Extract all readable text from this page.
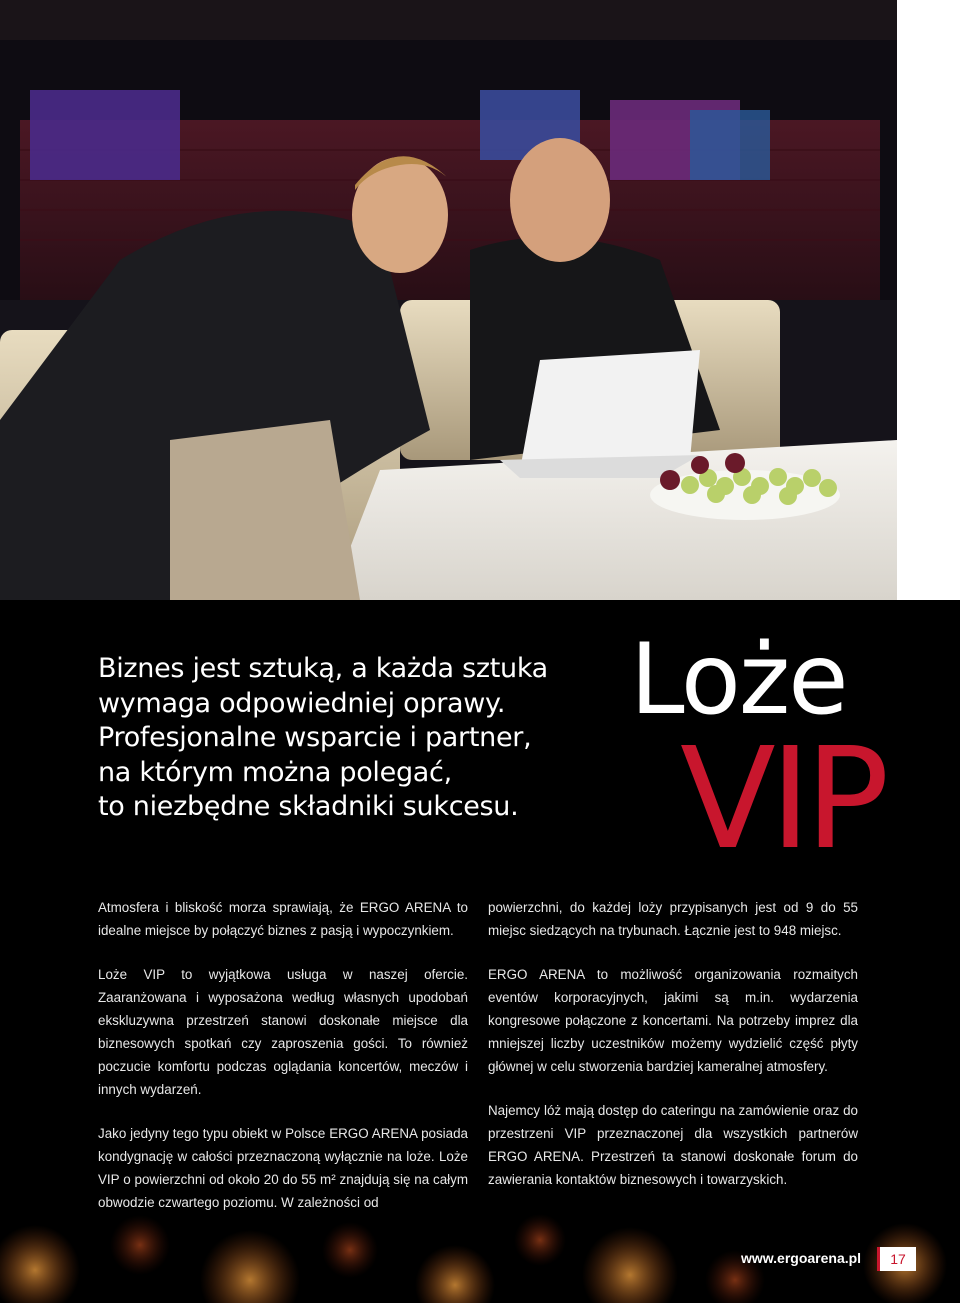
Biznes jest sztuką, a każda sztuka
wymaga odpowiedniej oprawy.
Profesjonalne wsparcie i partner,
na którym można polegać,
to niezbędne składniki sukcesu.
Loże
VIP

Atmosfera i bliskość morza sprawiają, że ERGO ARENA to idealne miejsce by połączyć biznes z pasją i wypoczynkiem.

Loże VIP to wyjątkowa usługa w naszej ofercie. Zaaranżowana i wyposażona według własnych upodobań ekskluzywna przestrzeń stanowi doskonałe miejsce dla biznesowych spotkań czy zaproszenia gości. To również poczucie komfortu podczas oglądania koncertów, meczów i innych wydarzeń.

Jako jedyny tego typu obiekt w Polsce ERGO ARENA posiada kondygnację w całości przeznaczoną wyłącznie na loże. Loże VIP o powierzchni od około 20 do 55 m² znajdują się na całym obwodzie czwartego poziomu. W zależności od

powierzchni, do każdej loży przypisanych jest od 9 do 55 miejsc siedzących na trybunach. Łącznie jest to 948 miejsc.

ERGO ARENA to możliwość organizowania rozmaitych eventów korporacyjnych, jakimi są m.in. wydarzenia kongresowe połączone z koncertami. Na potrzeby imprez dla mniejszej liczby uczestników możemy wydzielić część płyty głównej w celu stworzenia bardziej kameralnej atmosfery.

Najemcy lóż mają dostęp do cateringu na zamówienie oraz do przestrzeni VIP przeznaczonej dla wszystkich partnerów ERGO ARENA. Przestrzeń ta stanowi doskonałe forum do zawierania kontaktów biznesowych i towarzyskich.

www.ergoarena.pl	17
